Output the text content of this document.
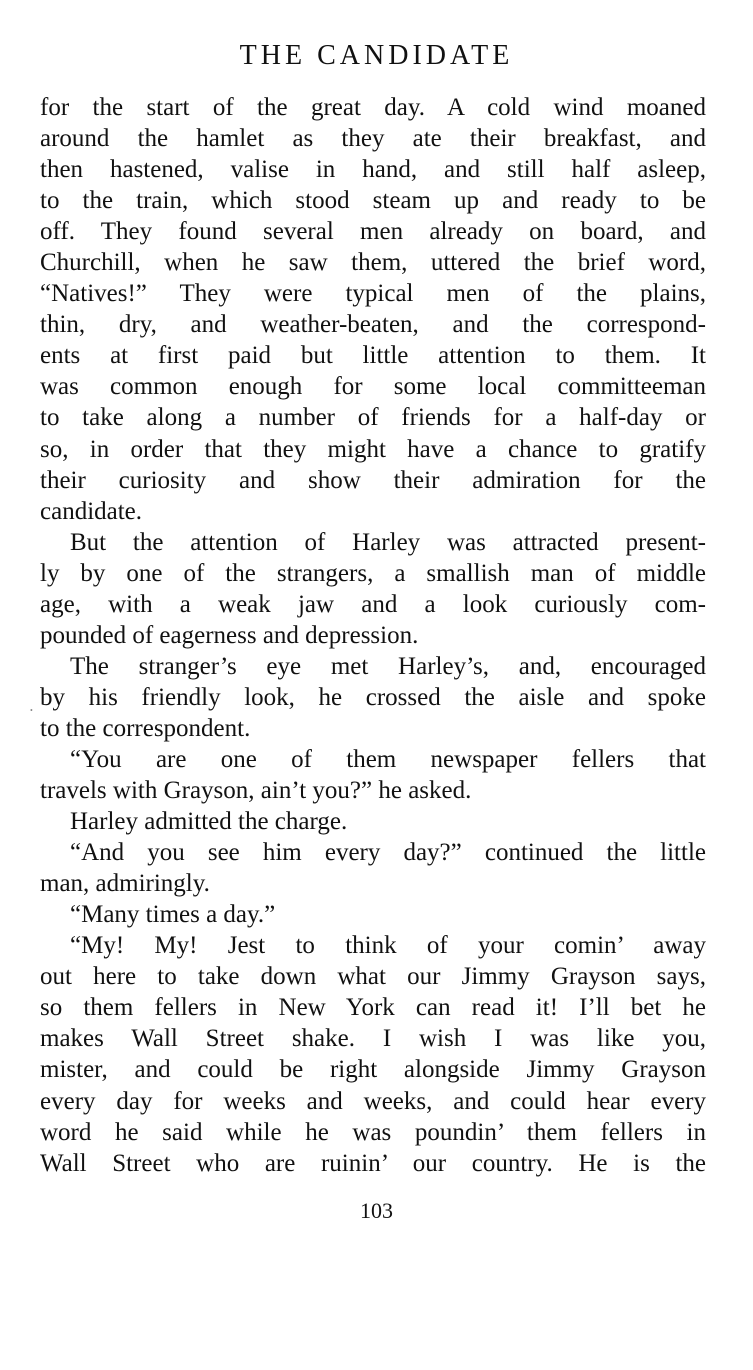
THE CANDIDATE
•
for the start of the great day. A cold wind moaned
around the hamlet as they ate their breakfast, and
then hastened, valise in hand, and still half asleep,
to the train, which stood steam up and ready to be
off. They found several men already on board, and
Churchill, when he saw them, uttered the brief word,
“Natives!” They were typical men of the plains,
thin, dry, and weather-beaten, and the correspond-
ents at first paid but little attention to them. It
was common enough for some local committeeman
to take along a number of friends for a half-day or
so, in order that they might have a chance to gratify
their curiosity and show their admiration for the
candidate.
But the attention of Harley was attracted present-
ly by one of the strangers, a smallish man of middle
age, with a weak jaw and a look curiously com-
pounded of eagerness and depression.
The stranger’s eye met Harley’s, and, encouraged
by his friendly look, he crossed the aisle and spoke
to the correspondent.
“You are one of them newspaper fellers that
travels with Grayson, ain’t you?” he asked.
Harley admitted the charge.
“And you see him every day?” continued the little
man, admiringly.
“Many times a day.”
“My! My! Jest to think of your comin’ away
out here to take down what our Jimmy Grayson says,
so them fellers in New York can read it! I’ll bet he
makes Wall Street shake. I wish I was like you,
mister, and could be right alongside Jimmy Grayson
every day for weeks and weeks, and could hear every
word he said while he was poundin’ them fellers in
Wall Street who are ruinin’ our country. He is the
103
